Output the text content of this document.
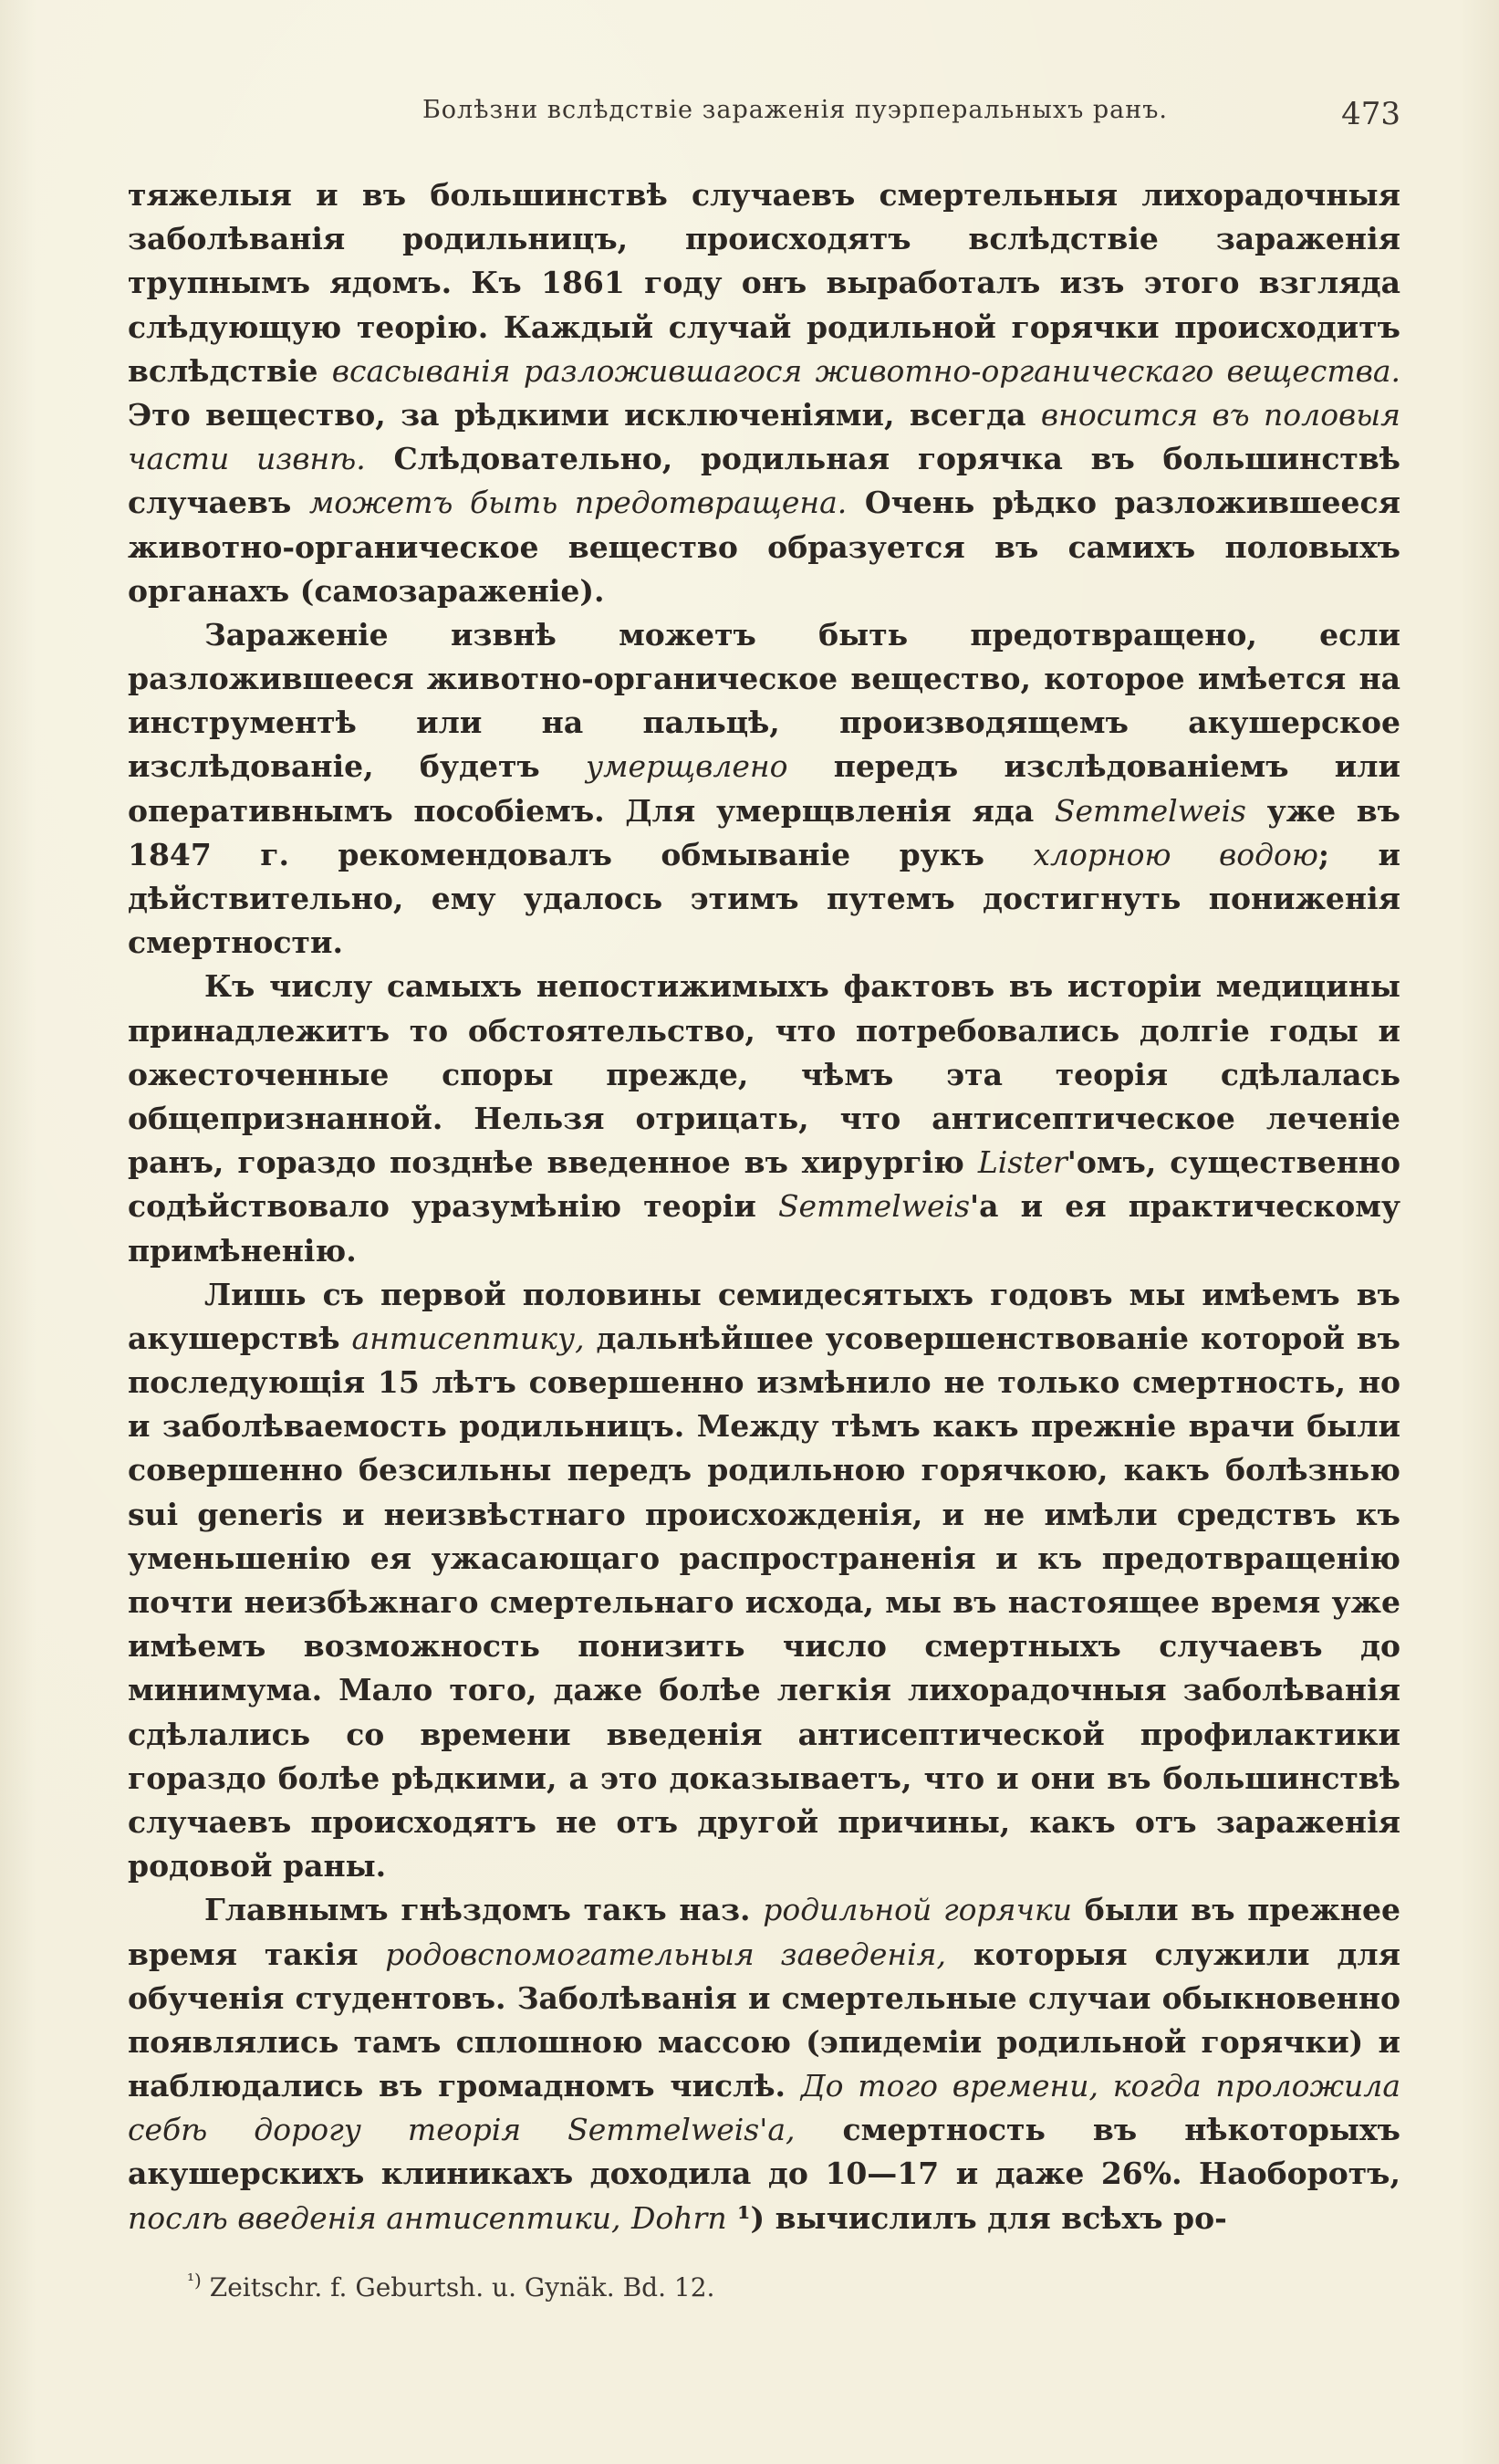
Болѣзни вслѣдствіе зараженія пуэрперальныхъ ранъ.	473

тяжелыя и въ большинствѣ случаевъ смертельныя лихорадочныя заболѣванія родильницъ, происходятъ вслѣдствіе зараженія трупнымъ ядомъ. Къ 1861 году онъ выработалъ изъ этого взгляда слѣдующую теорію. Каждый случай родильной горячки происходитъ вслѣдствіе всасыванія разложившагося животно-органическаго вещества. Это вещество, за рѣдкими исключеніями, всегда вносится въ половыя части извнѣ. Слѣдовательно, родильная горячка въ большинствѣ случаевъ можетъ быть предотвращена. Очень рѣдко разложившееся животно-органическое вещество образуется въ самихъ половыхъ органахъ (самозараженіе).

Зараженіе извнѣ можетъ быть предотвращено, если разложившееся животно-органическое вещество, которое имѣется на инструментѣ или на пальцѣ, производящемъ акушерское изслѣдованіе, будетъ умерщвлено передъ изслѣдованіемъ или оперативнымъ пособіемъ. Для умерщвленія яда Semmelweis уже въ 1847 г. рекомендовалъ обмываніе рукъ хлорною водою; и дѣйствительно, ему удалось этимъ путемъ достигнуть пониженія смертности.

Къ числу самыхъ непостижимыхъ фактовъ въ исторіи медицины принадлежитъ то обстоятельство, что потребовались долгіе годы и ожесточенные споры прежде, чѣмъ эта теорія сдѣлалась общепризнанной. Нельзя отрицать, что антисептическое леченіе ранъ, гораздо позднѣе введенное въ хирургію Lister'омъ, существенно содѣйствовало уразумѣнію теоріи Semmelweis'а и ея практическому примѣненію.

Лишь съ первой половины семидесятыхъ годовъ мы имѣемъ въ акушерствѣ антисептику, дальнѣйшее усовершенствованіе которой въ последующія 15 лѣтъ совершенно измѣнило не только смертность, но и заболѣваемость родильницъ. Между тѣмъ какъ прежніе врачи были совершенно безсильны передъ родильною горячкою, какъ болѣзнью sui generis и неизвѣстнаго происхожденія, и не имѣли средствъ къ уменьшенію ея ужасающаго распространенія и къ предотвращенію почти неизбѣжнаго смертельнаго исхода, мы въ настоящее время уже имѣемъ возможность понизить число смертныхъ случаевъ до минимума. Мало того, даже болѣе легкія лихорадочныя заболѣванія сдѣлались со времени введенія антисептической профилактики гораздо болѣе рѣдкими, а это доказываетъ, что и они въ большинствѣ случаевъ происходятъ не отъ другой причины, какъ отъ зараженія родовой раны.

Главнымъ гнѣздомъ такъ наз. родильной горячки были въ прежнее время такія родовспомогательныя заведенія, которыя служили для обученія студентовъ. Заболѣванія и смертельные случаи обыкновенно появлялись тамъ сплошною массою (эпидеміи родильной горячки) и наблюдались въ громадномъ числѣ. До того времени, когда проложила себѣ дорогу теорія Semmelweis'а, смертность въ нѣкоторыхъ акушерскихъ клиникахъ доходила до 10—17 и даже 26%. Наоборотъ, послѣ введенія антисептики, Dohrn ¹) вычислилъ для всѣхъ ро-

$^{^1)}$ Zeitschr. f. Geburtsh. u. Gynäk. Bd. 12.
